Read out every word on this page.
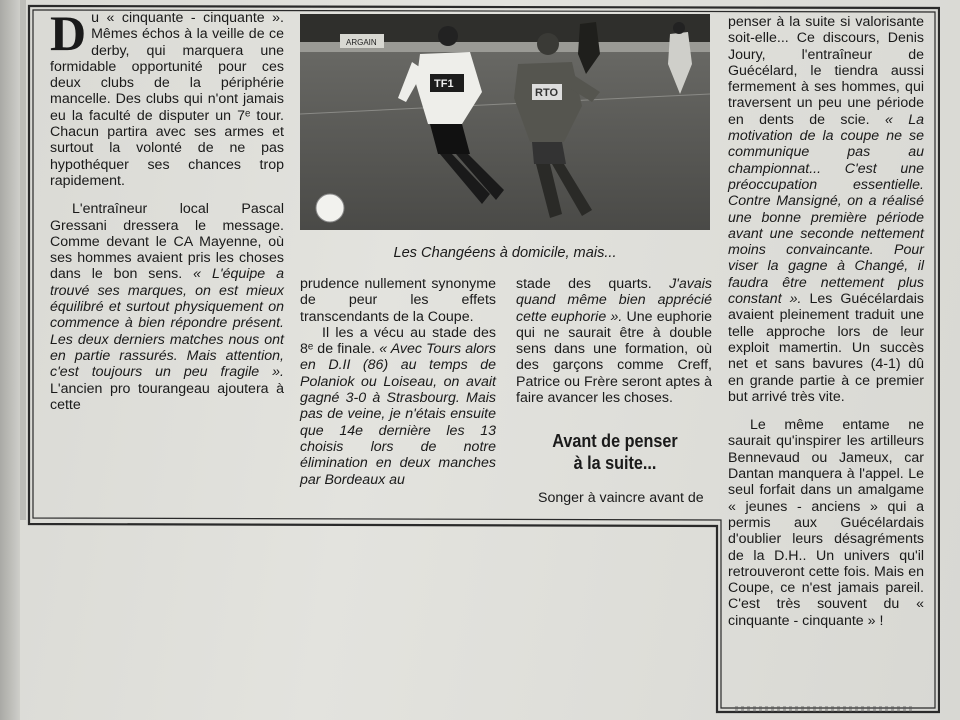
Du « cinquante - cinquante ». Mêmes échos à la veille de ce derby, qui marquera une formidable opportunité pour ces deux clubs de la périphérie mancelle. Des clubs qui n'ont jamais eu la faculté de disputer un 7ᵉ tour. Chacun partira avec ses armes et surtout la volonté de ne pas hypothéquer ses chances trop rapidement.

L'entraîneur local Pascal Gressani dressera le message. Comme devant le CA Mayenne, où ses hommes avaient pris les choses dans le bon sens. « L'équipe a trouvé ses marques, on est mieux équilibré et surtout physiquement on commence à bien répondre présent. Les deux derniers matches nous ont en partie rassurés. Mais attention, c'est toujours un peu fragile ». L'ancien pro tourangeau ajoutera à cette

ARGAIN
TF1
RTO
Les Changéens à domicile, mais...

prudence nullement synonyme de peur les effets transcendants de la Coupe.

Il les a vécu au stade des 8ᵉ de finale. « Avec Tours alors en D.II (86) au temps de Polaniok ou Loiseau, on avait gagné 3-0 à Strasbourg. Mais pas de veine, je n'étais ensuite que 14e dernière les 13 choisis lors de notre élimination en deux manches par Bordeaux au

stade des quarts. J'avais quand même bien apprécié cette euphorie ». Une euphorie qui ne saurait être à double sens dans une formation, où des garçons comme Creff, Patrice ou Frère seront aptes à faire avancer les choses.

Avant de penser
à la suite...

Songer à vaincre avant de

penser à la suite si valorisante soit-elle... Ce discours, Denis Joury, l'entraîneur de Guécélard, le tiendra aussi fermement à ses hommes, qui traversent un peu une période en dents de scie. « La motivation de la coupe ne se communique pas au championnat... C'est une préoccupation essentielle. Contre Mansigné, on a réalisé une bonne première période avant une seconde nettement moins convaincante. Pour viser la gagne à Changé, il faudra être nettement plus constant ». Les Guécélardais avaient pleinement traduit une telle approche lors de leur exploit mamertin. Un succès net et sans bavures (4-1) dû en grande partie à ce premier but arrivé très vite.

Le même entame ne saurait qu'inspirer les artilleurs Bennevaud ou Jameux, car Dantan manquera à l'appel. Le seul forfait dans un amalgame « jeunes - anciens » qui a permis aux Guécélardais d'oublier leurs désagréments de la D.H.. Un univers qu'il retrouveront cette fois. Mais en Coupe, ce n'est jamais pareil. C'est très souvent du « cinquante - cinquante » !
